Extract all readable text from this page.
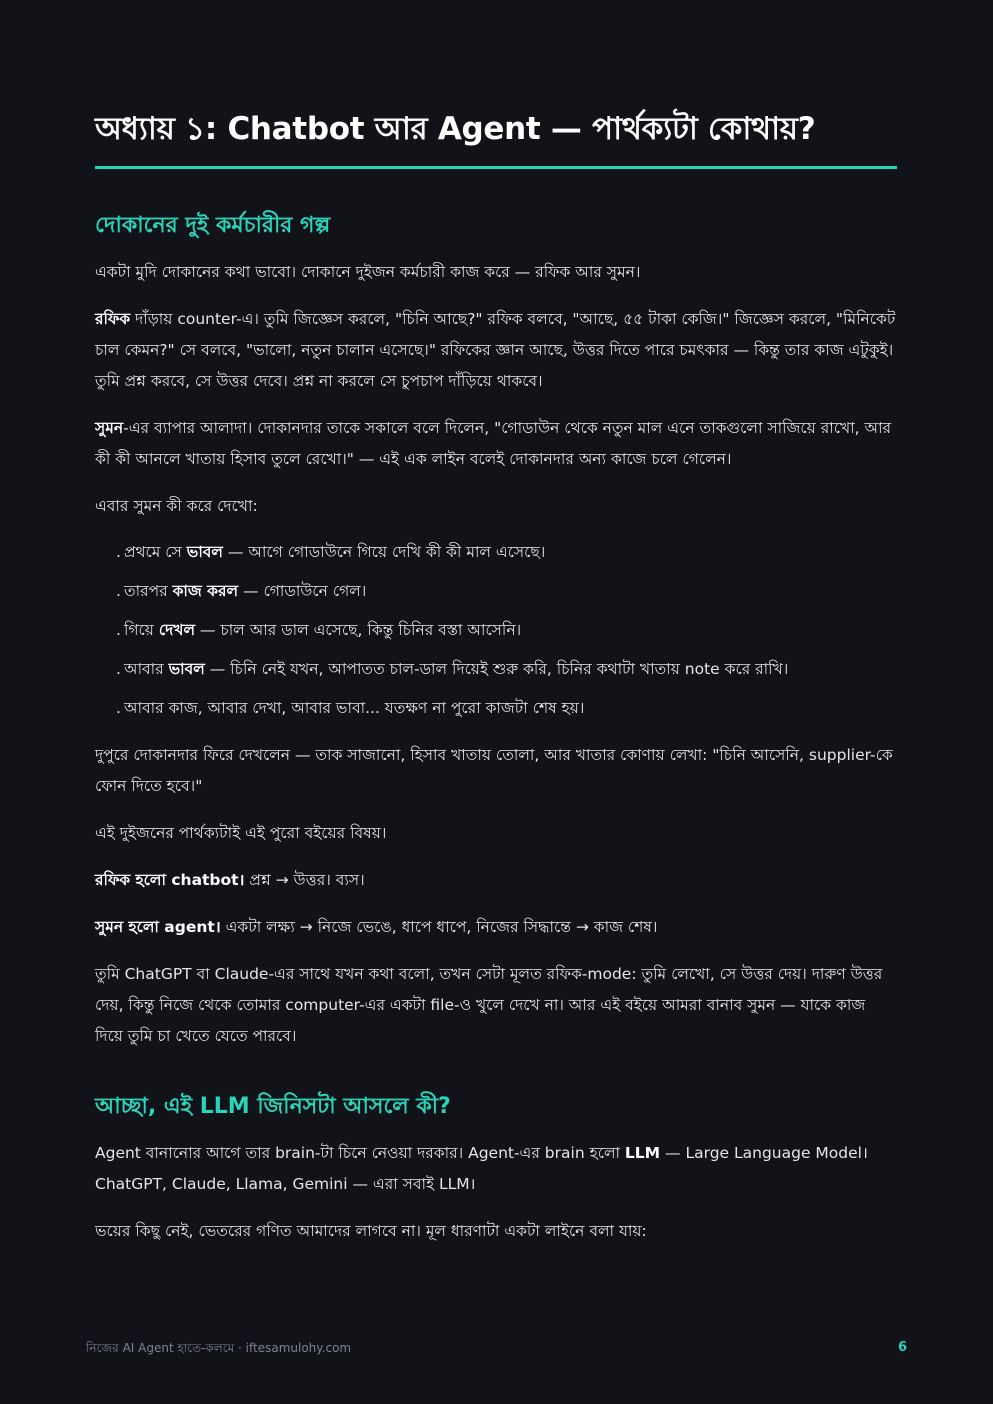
অধ্যায় ১: Chatbot আর Agent — পার্থক্যটা কোথায়?
দোকানের দুই কর্মচারীর গল্প

একটা মুদি দোকানের কথা ভাবো। দোকানে দুইজন কর্মচারী কাজ করে — রফিক আর সুমন।

রফিক দাঁড়ায় counter-এ। তুমি জিজ্ঞেস করলে, "চিনি আছে?" রফিক বলবে, "আছে, ৫৫ টাকা কেজি।" জিজ্ঞেস করলে, "মিনিকেট চাল কেমন?" সে বলবে, "ভালো, নতুন চালান এসেছে।" রফিকের জ্ঞান আছে, উত্তর দিতে পারে চমৎকার — কিন্তু তার কাজ এটুকুই। তুমি প্রশ্ন করবে, সে উত্তর দেবে। প্রশ্ন না করলে সে চুপচাপ দাঁড়িয়ে থাকবে।

সুমন-এর ব্যাপার আলাদা। দোকানদার তাকে সকালে বলে দিলেন, "গোডাউন থেকে নতুন মাল এনে তাকগুলো সাজিয়ে রাখো, আর কী কী আনলে খাতায় হিসাব তুলে রেখো।" — এই এক লাইন বলেই দোকানদার অন্য কাজে চলে গেলেন।

এবার সুমন কী করে দেখো:

. প্রথমে সে ভাবল — আগে গোডাউনে গিয়ে দেখি কী কী মাল এসেছে।
. তারপর কাজ করল — গোডাউনে গেল।
. গিয়ে দেখল — চাল আর ডাল এসেছে, কিন্তু চিনির বস্তা আসেনি।
. আবার ভাবল — চিনি নেই যখন, আপাতত চাল-ডাল দিয়েই শুরু করি, চিনির কথাটা খাতায় note করে রাখি।
. আবার কাজ, আবার দেখা, আবার ভাবা... যতক্ষণ না পুরো কাজটা শেষ হয়।

দুপুরে দোকানদার ফিরে দেখলেন — তাক সাজানো, হিসাব খাতায় তোলা, আর খাতার কোণায় লেখা: "চিনি আসেনি, supplier-কে ফোন দিতে হবে।"

এই দুইজনের পার্থক্যটাই এই পুরো বইয়ের বিষয়।

রফিক হলো chatbot। প্রশ্ন → উত্তর। ব্যস।

সুমন হলো agent। একটা লক্ষ্য → নিজে ভেঙে, ধাপে ধাপে, নিজের সিদ্ধান্তে → কাজ শেষ।

তুমি ChatGPT বা Claude-এর সাথে যখন কথা বলো, তখন সেটা মূলত রফিক-mode: তুমি লেখো, সে উত্তর দেয়। দারুণ উত্তর দেয়, কিন্তু নিজে থেকে তোমার computer-এর একটা file-ও খুলে দেখে না। আর এই বইয়ে আমরা বানাব সুমন — যাকে কাজ দিয়ে তুমি চা খেতে যেতে পারবে।

আচ্ছা, এই LLM জিনিসটা আসলে কী?

Agent বানানোর আগে তার brain-টা চিনে নেওয়া দরকার। Agent-এর brain হলো LLM — Large Language Model। ChatGPT, Claude, Llama, Gemini — এরা সবাই LLM।

ভয়ের কিছু নেই, ভেতরের গণিত আমাদের লাগবে না। মূল ধারণাটা একটা লাইনে বলা যায়:

নিজের AI Agent হাতে-কলমে · iftesamulohy.com	6
